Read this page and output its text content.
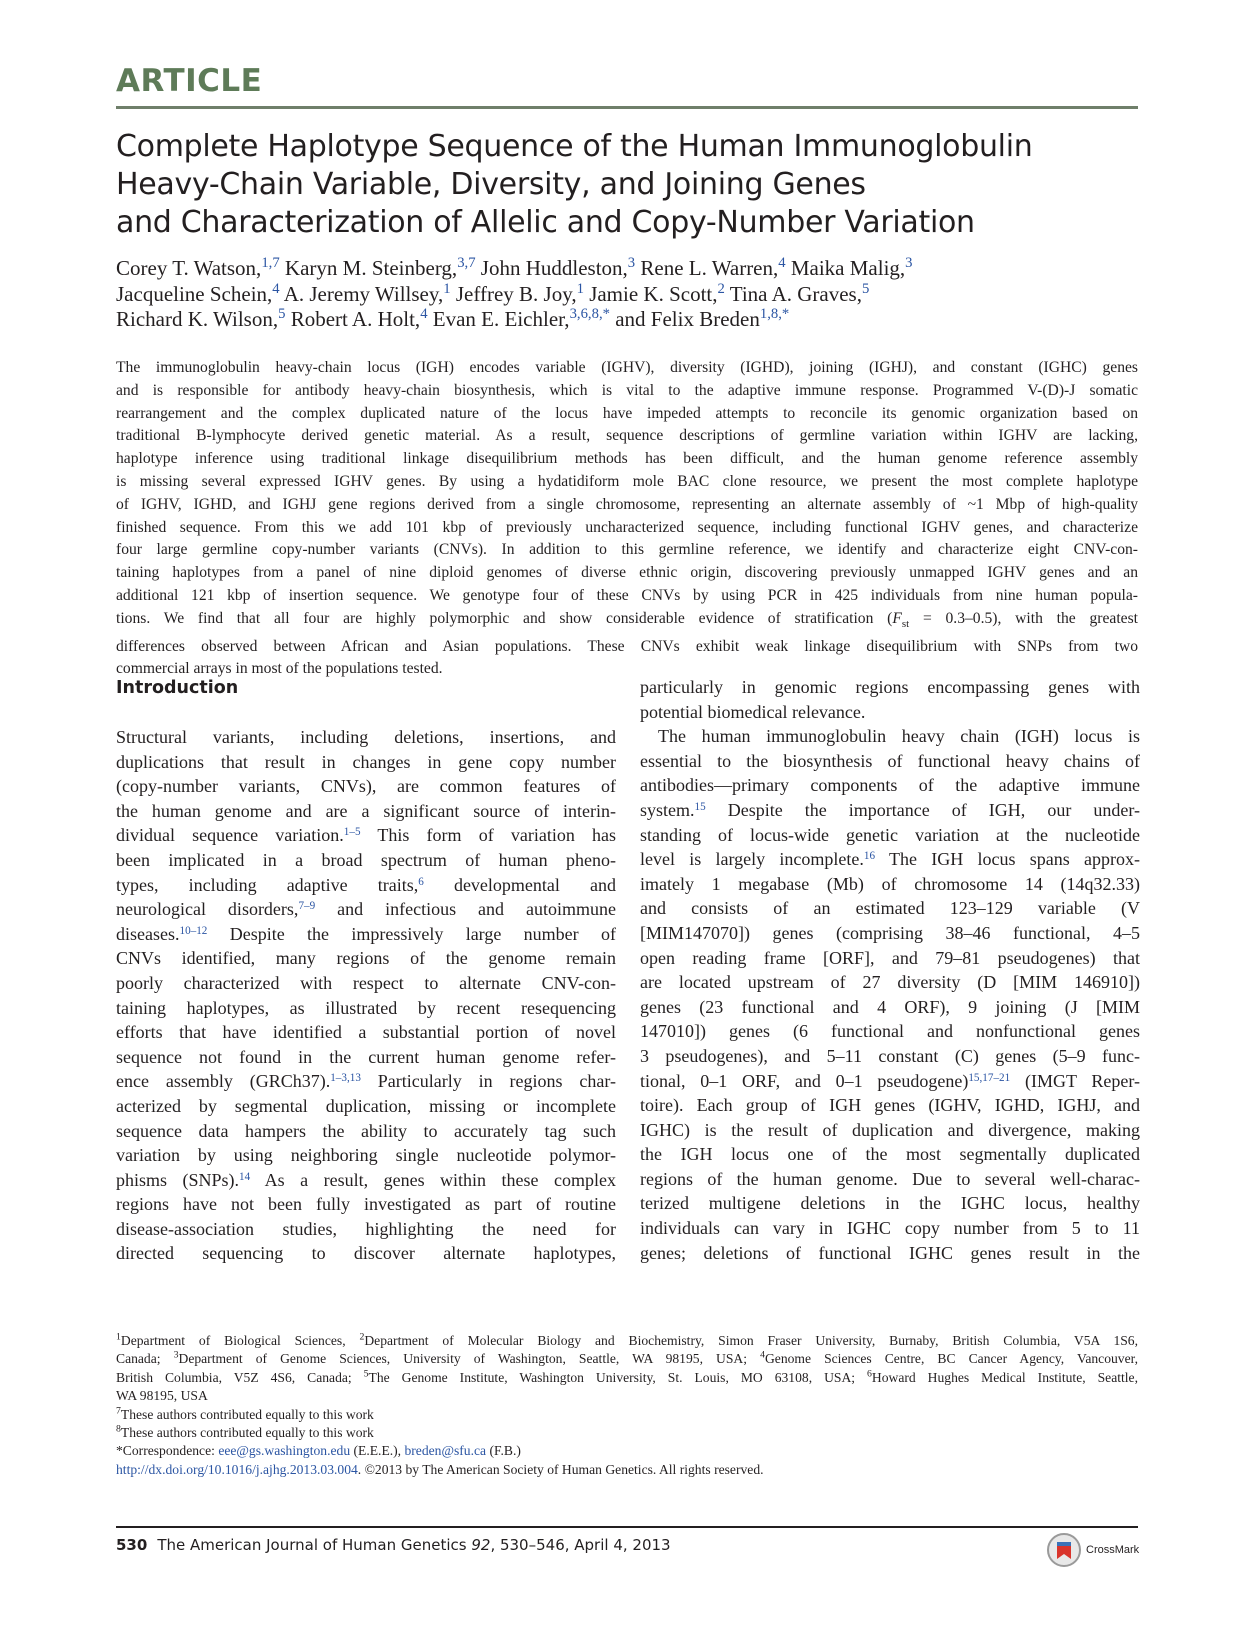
ARTICLE
Complete Haplotype Sequence of the Human Immunoglobulin
Heavy-Chain Variable, Diversity, and Joining Genes
and Characterization of Allelic and Copy-Number Variation
Corey T. Watson,$^{1,7}$ Karyn M. Steinberg,$^{3,7}$ John Huddleston,$^3$ Rene L. Warren,$^4$ Maika Malig,$^3$
Jacqueline Schein,$^4$ A. Jeremy Willsey,$^1$ Jeffrey B. Joy,$^1$ Jamie K. Scott,$^2$ Tina A. Graves,$^5$
Richard K. Wilson,$^5$ Robert A. Holt,$^4$ Evan E. Eichler,$^{3,6,8,*}$ and Felix Breden$^{1,8,*}$
The immunoglobulin heavy-chain locus (IGH) encodes variable (IGHV), diversity (IGHD), joining (IGHJ), and constant (IGHC) genes
and is responsible for antibody heavy-chain biosynthesis, which is vital to the adaptive immune response. Programmed V-(D)-J somatic
rearrangement and the complex duplicated nature of the locus have impeded attempts to reconcile its genomic organization based on
traditional B-lymphocyte derived genetic material. As a result, sequence descriptions of germline variation within IGHV are lacking,
haplotype inference using traditional linkage disequilibrium methods has been difficult, and the human genome reference assembly
is missing several expressed IGHV genes. By using a hydatidiform mole BAC clone resource, we present the most complete haplotype
of IGHV, IGHD, and IGHJ gene regions derived from a single chromosome, representing an alternate assembly of ~1 Mbp of high-quality
finished sequence. From this we add 101 kbp of previously uncharacterized sequence, including functional IGHV genes, and characterize
four large germline copy-number variants (CNVs). In addition to this germline reference, we identify and characterize eight CNV-con-
taining haplotypes from a panel of nine diploid genomes of diverse ethnic origin, discovering previously unmapped IGHV genes and an
additional 121 kbp of insertion sequence. We genotype four of these CNVs by using PCR in 425 individuals from nine human popula-
tions. We find that all four are highly polymorphic and show considerable evidence of stratification $(F_{st} = 0.3-0.5)$, with the greatest
differences observed between African and Asian populations. These CNVs exhibit weak linkage disequilibrium with SNPs from two
commercial arrays in most of the populations tested.
Introduction
Structural variants, including deletions, insertions, and
duplications that result in changes in gene copy number
(copy-number variants, CNVs), are common features of
the human genome and are a significant source of interin-
dividual sequence variation.$^{1-5}$ This form of variation has
been implicated in a broad spectrum of human pheno-
types, including adaptive traits,$^6$ developmental and
neurological disorders,$^{7-9}$ and infectious and autoimmune
diseases.$^{10-12}$ Despite the impressively large number of
CNVs identified, many regions of the genome remain
poorly characterized with respect to alternate CNV-con-
taining haplotypes, as illustrated by recent resequencing
efforts that have identified a substantial portion of novel
sequence not found in the current human genome refer-
ence assembly (GRCh37).$^{1-3,13}$ Particularly in regions char-
acterized by segmental duplication, missing or incomplete
sequence data hampers the ability to accurately tag such
variation by using neighboring single nucleotide polymor-
phisms (SNPs).$^{14}$ As a result, genes within these complex
regions have not been fully investigated as part of routine
disease-association studies, highlighting the need for
directed sequencing to discover alternate haplotypes,
particularly in genomic regions encompassing genes with
potential biomedical relevance.
The human immunoglobulin heavy chain (IGH) locus is
essential to the biosynthesis of functional heavy chains of
antibodies—primary components of the adaptive immune
system.$^{15}$ Despite the importance of IGH, our under-
standing of locus-wide genetic variation at the nucleotide
level is largely incomplete.$^{16}$ The IGH locus spans approx-
imately 1 megabase (Mb) of chromosome 14 (14q32.33)
and consists of an estimated 123–129 variable (V
[MIM147070]) genes (comprising 38–46 functional, 4–5
open reading frame [ORF], and 79–81 pseudogenes) that
are located upstream of 27 diversity (D [MIM 146910])
genes (23 functional and 4 ORF), 9 joining (J [MIM
147010]) genes (6 functional and nonfunctional genes
3 pseudogenes), and 5–11 constant (C) genes (5–9 func-
tional, 0–1 ORF, and 0–1 pseudogene)$^{15,17-21}$ (IMGT Reper-
toire). Each group of IGH genes (IGHV, IGHD, IGHJ, and
IGHC) is the result of duplication and divergence, making
the IGH locus one of the most segmentally duplicated
regions of the human genome. Due to several well-charac-
terized multigene deletions in the IGHC locus, healthy
individuals can vary in IGHC copy number from 5 to 11
genes; deletions of functional IGHC genes result in the
$^1$Department of Biological Sciences, $^2$Department of Molecular Biology and Biochemistry, Simon Fraser University, Burnaby, British Columbia, V5A 1S6,
Canada; $^3$Department of Genome Sciences, University of Washington, Seattle, WA 98195, USA; $^4$Genome Sciences Centre, BC Cancer Agency, Vancouver,
British Columbia, V5Z 4S6, Canada; $^5$The Genome Institute, Washington University, St. Louis, MO 63108, USA; $^6$Howard Hughes Medical Institute, Seattle,
WA 98195, USA
$^7$These authors contributed equally to this work
$^8$These authors contributed equally to this work
*Correspondence: eee@gs.washington.edu (E.E.E.), breden@sfu.ca (F.B.)
http://dx.doi.org/10.1016/j.ajhg.2013.03.004. ©2013 by The American Society of Human Genetics. All rights reserved.
530 The American Journal of Human Genetics 92, 530–546, April 4, 2013	CrossMark
